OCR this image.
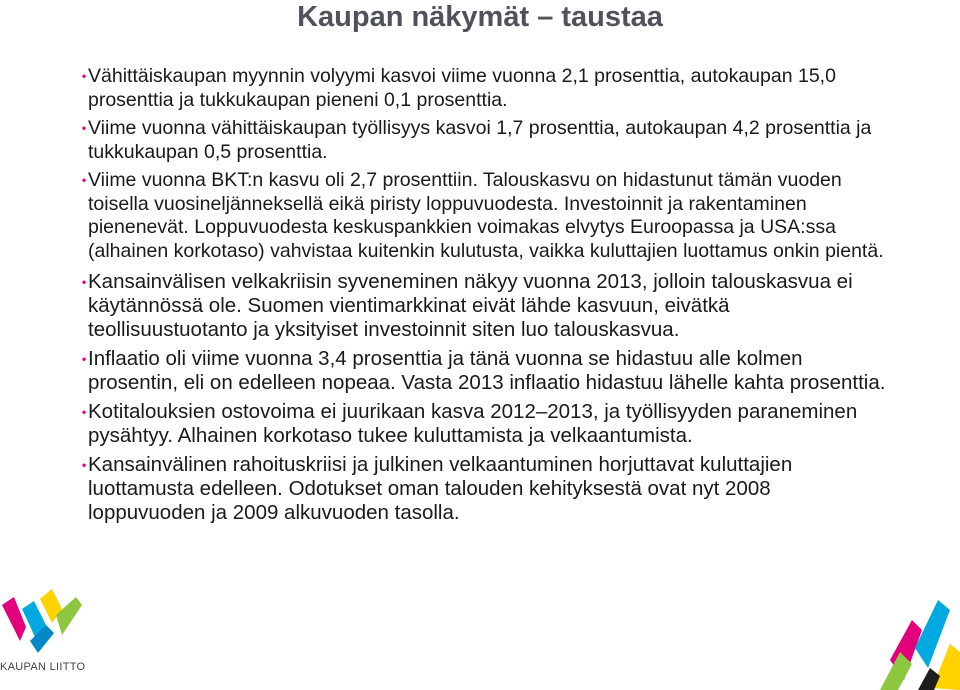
Kaupan näkymät – taustaa
• Vähittäiskaupan myynnin volyymi kasvoi viime vuonna 2,1 prosenttia, autokaupan 15,0 prosenttia ja tukkukaupan pieneni 0,1 prosenttia.
• Viime vuonna vähittäiskaupan työllisyys kasvoi 1,7 prosenttia, autokaupan 4,2 prosenttia ja tukkukaupan 0,5 prosenttia.
• Viime vuonna BKT:n kasvu oli 2,7 prosenttiin. Talouskasvu on hidastunut tämän vuoden toisella vuosineljänneksellä eikä piristy loppuvuodesta. Investoinnit ja rakentaminen pienenevät. Loppuvuodesta keskuspankkien voimakas elvytys Euroopassa ja USA:ssa (alhainen korkotaso) vahvistaa kuitenkin kulutusta, vaikka kuluttajien luottamus onkin pientä.
• Kansainvälisen velkakriisin syveneminen näkyy vuonna 2013, jolloin talouskasvua ei käytännössä ole. Suomen vientimarkkinat eivät lähde kasvuun, eivätkä teollisuustuotanto ja yksityiset investoinnit siten luo talouskasvua.
• Inflaatio oli viime vuonna 3,4 prosenttia ja tänä vuonna se hidastuu alle kolmen prosentin, eli on edelleen nopeaa. Vasta 2013 inflaatio hidastuu lähelle kahta prosenttia.
• Kotitalouksien ostovoima ei juurikaan kasva 2012–2013, ja työllisyyden paraneminen pysähtyy. Alhainen korkotaso tukee kuluttamista ja velkaantumista.
• Kansainvälinen rahoituskriisi ja julkinen velkaantuminen horjuttavat kuluttajien luottamusta edelleen. Odotukset oman talouden kehityksestä ovat nyt 2008 loppuvuoden ja 2009 alkuvuoden tasolla.
KAUPAN LIITTO
